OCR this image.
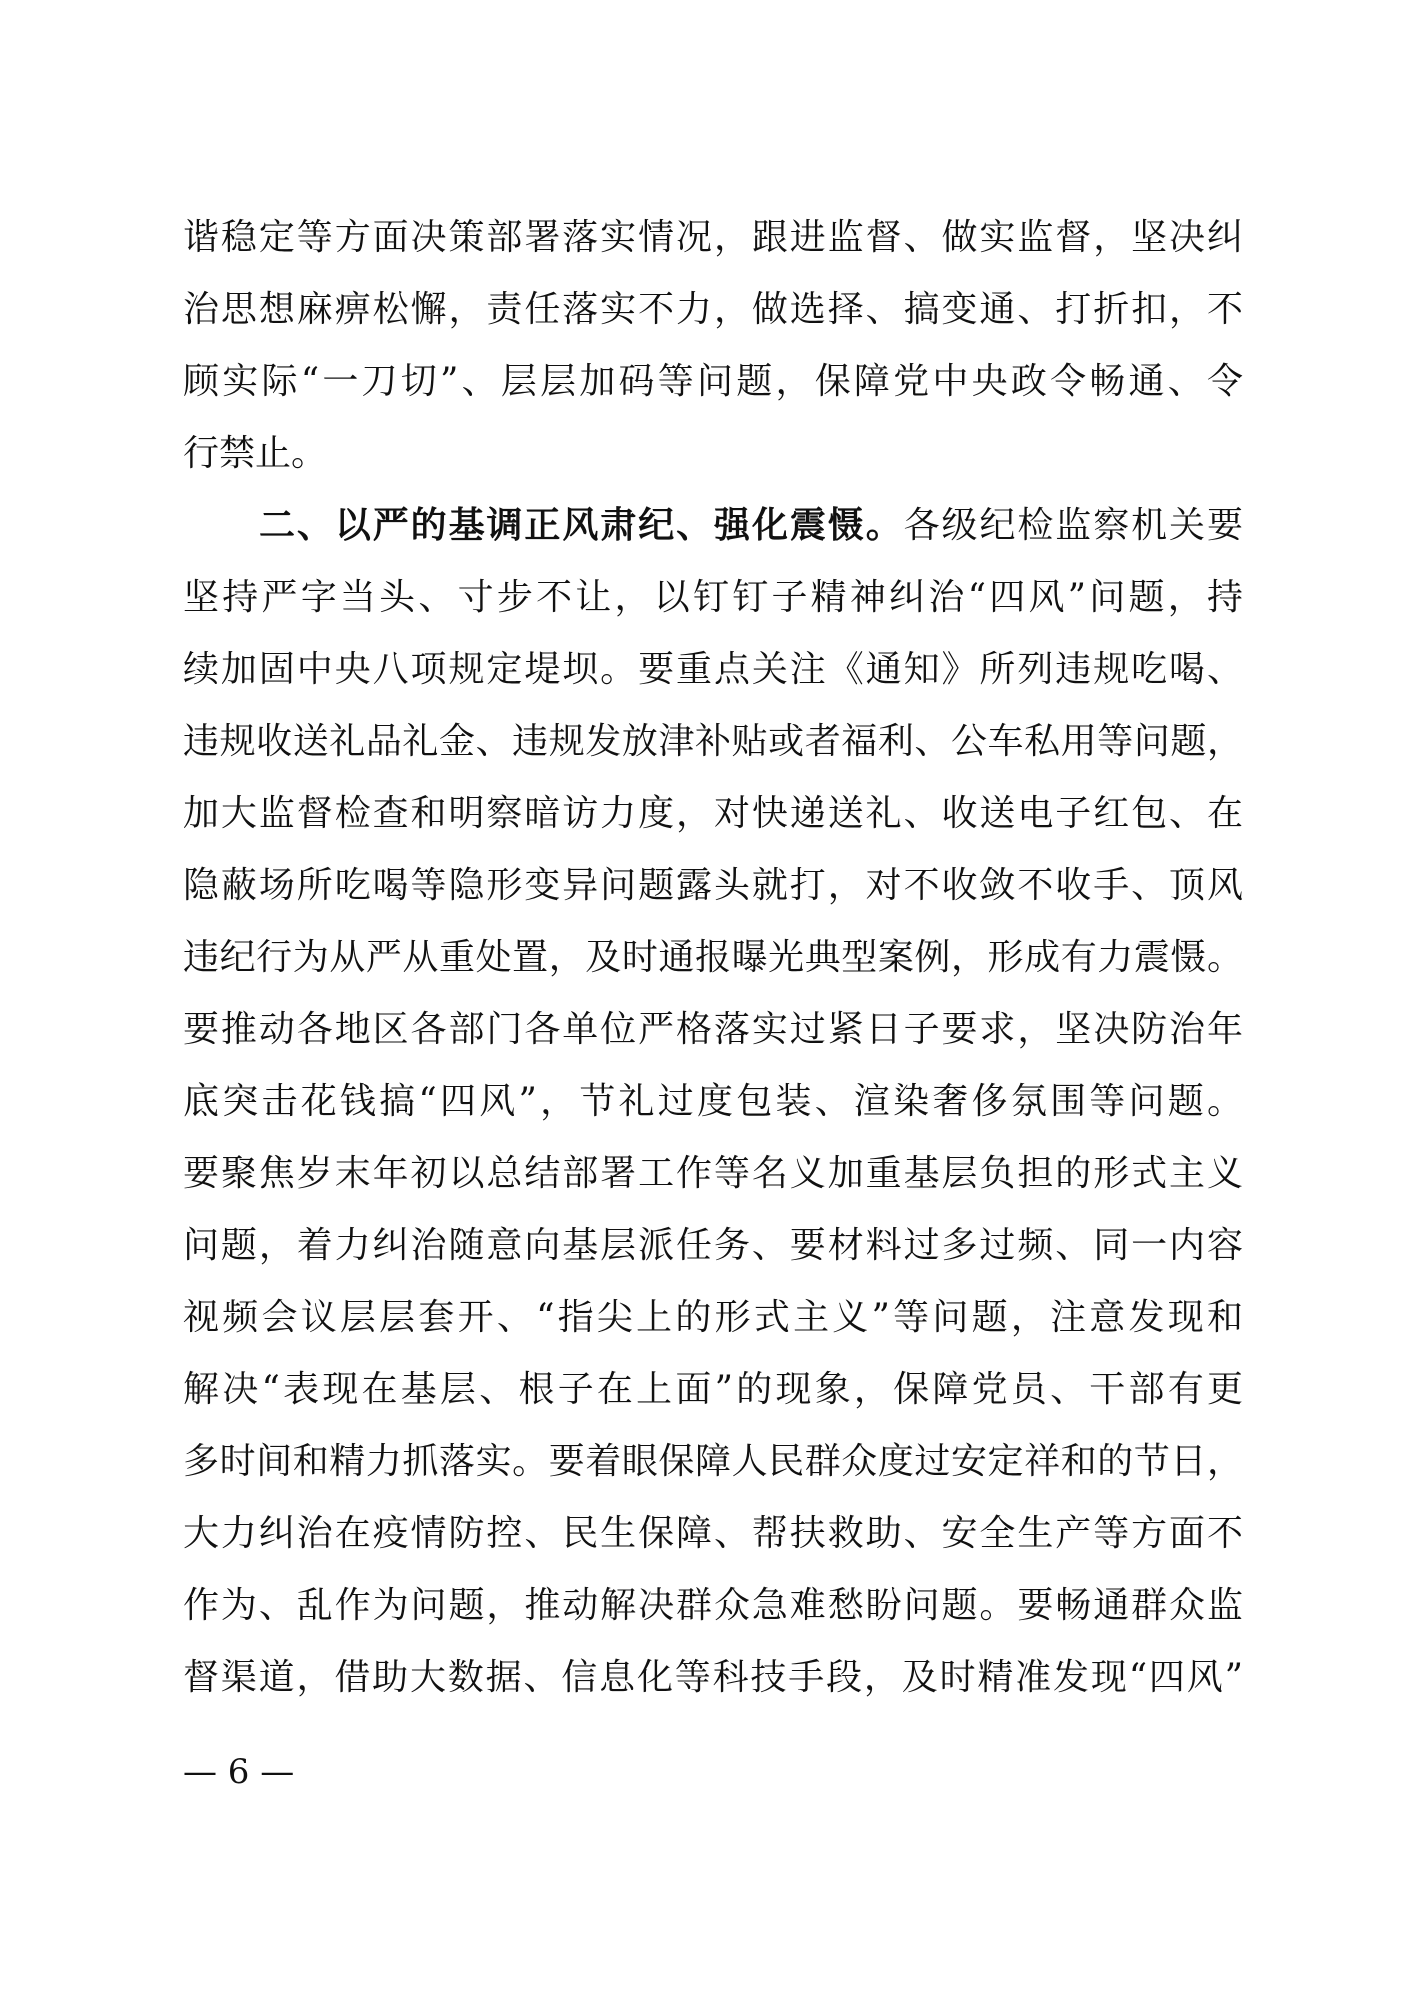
谐稳定等方面决策部署落实情况，跟进监督、做实监督，坚决纠
治思想麻痹松懈，责任落实不力，做选择、搞变通、打折扣，不
顾实际“一刀切”、层层加码等问题，保障党中央政令畅通、令
行禁止。
二、以严的基调正风肃纪、强化震慑。各级纪检监察机关要
坚持严字当头、寸步不让，以钉钉子精神纠治“四风”问题，持
续加固中央八项规定堤坝。要重点关注《通知》所列违规吃喝、
违规收送礼品礼金、违规发放津补贴或者福利、公车私用等问题，
加大监督检查和明察暗访力度，对快递送礼、收送电子红包、在
隐蔽场所吃喝等隐形变异问题露头就打，对不收敛不收手、顶风
违纪行为从严从重处置，及时通报曝光典型案例，形成有力震慑。
要推动各地区各部门各单位严格落实过紧日子要求，坚决防治年
底突击花钱搞“四风”，节礼过度包装、渲染奢侈氛围等问题。
要聚焦岁末年初以总结部署工作等名义加重基层负担的形式主义
问题，着力纠治随意向基层派任务、要材料过多过频、同一内容
视频会议层层套开、“指尖上的形式主义”等问题，注意发现和
解决“表现在基层、根子在上面”的现象，保障党员、干部有更
多时间和精力抓落实。要着眼保障人民群众度过安定祥和的节日，
大力纠治在疫情防控、民生保障、帮扶救助、安全生产等方面不
作为、乱作为问题，推动解决群众急难愁盼问题。要畅通群众监
督渠道，借助大数据、信息化等科技手段，及时精准发现“四风”
— 6 —
